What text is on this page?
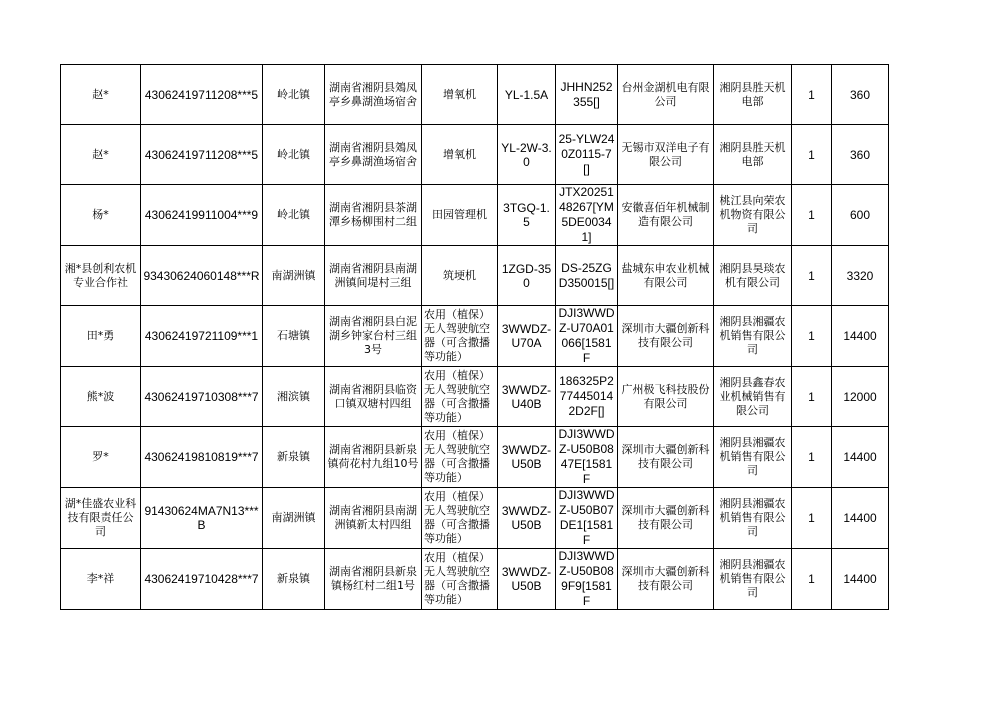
赵*	43062419711208***5	岭北镇	湖南省湘阴县鵁凤亭乡鼻湖渔场宿舍	增氧机	YL-1.5A	JHHN252355[]	台州金湖机电有限公司	湘阴县胜天机电部	1	360
赵*	43062419711208***5	岭北镇	湖南省湘阴县鵁凤亭乡鼻湖渔场宿舍	增氧机	YL-2W-3.0	25-YLW240Z0115-7[]	无锡市双洋电子有限公司	湘阴县胜天机电部	1	360
杨*	43062419911004***9	岭北镇	湖南省湘阴县茶湖潭乡杨柳围村二组	田园管理机	3TGQ-1.5	JTX2025148267[YM5DE00341]	安徽喜佰年机械制造有限公司	桃江县向荣农机物资有限公司	1	600
湘*县创利农机专业合作社	93430624060148***R	南湖洲镇	湖南省湘阴县南湖洲镇间堤村三组	筑埂机	1ZGD-350	DS-25ZGD350015[]	盐城东申农业机械有限公司	湘阴县昊琰农机有限公司	1	3320
田*勇	43062419721109***1	石塘镇	湖南省湘阴县白泥湖乡钟家台村三组3号	农用（植保）无人驾驶航空器（可含撒播等功能）	3WWDZ-U70A	DJI3WWDZ-U70A01066[1581F	深圳市大疆创新科技有限公司	湘阴县湘疆农机销售有限公司	1	14400
熊*波	43062419710308***7	湘滨镇	湖南省湘阴县临资口镇双塘村四组	农用（植保）无人驾驶航空器（可含撒播等功能）	3WWDZ-U40B	186325P277445014 2D2F[]	广州极飞科技股份有限公司	湘阴县鑫春农业机械销售有限公司	1	12000
罗*	43062419810819***7	新泉镇	湖南省湘阴县新泉镇荷花村九组10号	农用（植保）无人驾驶航空器（可含撒播等功能）	3WWDZ-U50B	DJI3WWDZ-U50B0847E[1581F	深圳市大疆创新科技有限公司	湘阴县湘疆农机销售有限公司	1	14400
湖*佳盛农业科技有限责任公司	91430624MA7N13***B	南湖洲镇	湖南省湘阴县南湖洲镇新太村四组	农用（植保）无人驾驶航空器（可含撒播等功能）	3WWDZ-U50B	DJI3WWDZ-U50B07DE1[1581F	深圳市大疆创新科技有限公司	湘阴县湘疆农机销售有限公司	1	14400
李*祥	43062419710428***7	新泉镇	湖南省湘阴县新泉镇杨红村二组1号	农用（植保）无人驾驶航空器（可含撒播等功能）	3WWDZ-U50B	DJI3WWDZ-U50B089F9[1581F	深圳市大疆创新科技有限公司	湘阴县湘疆农机销售有限公司	1	14400
